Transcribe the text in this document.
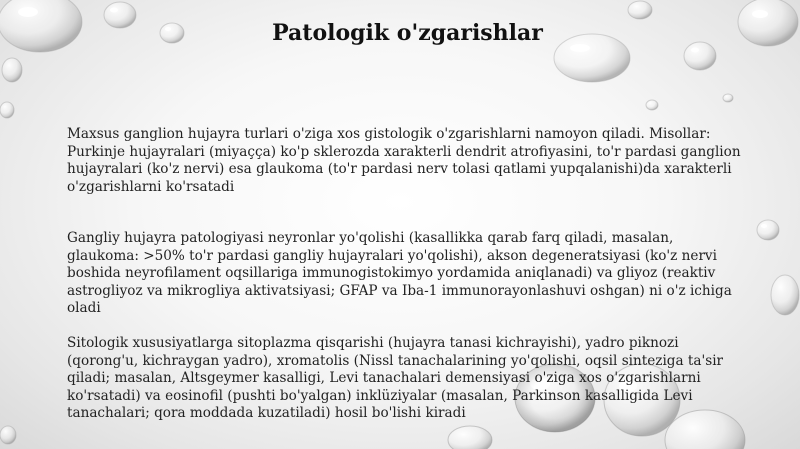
Patologik o'zgarishlar

Maxsus ganglion hujayra turlari o'ziga xos gistologik o'zgarishlarni namoyon qiladi. Misollar: Purkinje hujayralari (miyaçça) ko'p sklerozda xarakterli dendrit atrofiyasini, to'r pardasi ganglion hujayralari (ko'z nervi) esa glaukoma (to'r pardasi nerv tolasi qatlami yupqalanishi)da xarakterli o'zgarishlarni ko'rsatadi

Gangliy hujayra patologiyasi neyronlar yo'qolishi (kasallikka qarab farq qiladi, masalan, glaukoma: >50% to'r pardasi gangliy hujayralari yo'qolishi), akson degeneratsiyasi (ko'z nervi boshida neyrofilament oqsillariga immunogistokimyo yordamida aniqlanadi) va gliyoz (reaktiv astrogliyoz va mikrogliya aktivatsiyasi; GFAP va Iba-1 immunorayonlashuvi oshgan) ni o'z ichiga oladi

Sitologik xususiyatlarga sitoplazma qisqarishi (hujayra tanasi kichrayishi), yadro piknozi (qorong'u, kichraygan yadro), xromatolis (Nissl tanachalarining yo'qolishi, oqsil sinteziga ta'sir qiladi; masalan, Altsgeymer kasalligi, Levi tanachalari demensiyasi o'ziga xos o'zgarishlarni ko'rsatadi) va eosinofil (pushti bo'yalgan) inklüziyalar (masalan, Parkinson kasalligida Levi tanachalari; qora moddada kuzatiladi) hosil bo'lishi kiradi
